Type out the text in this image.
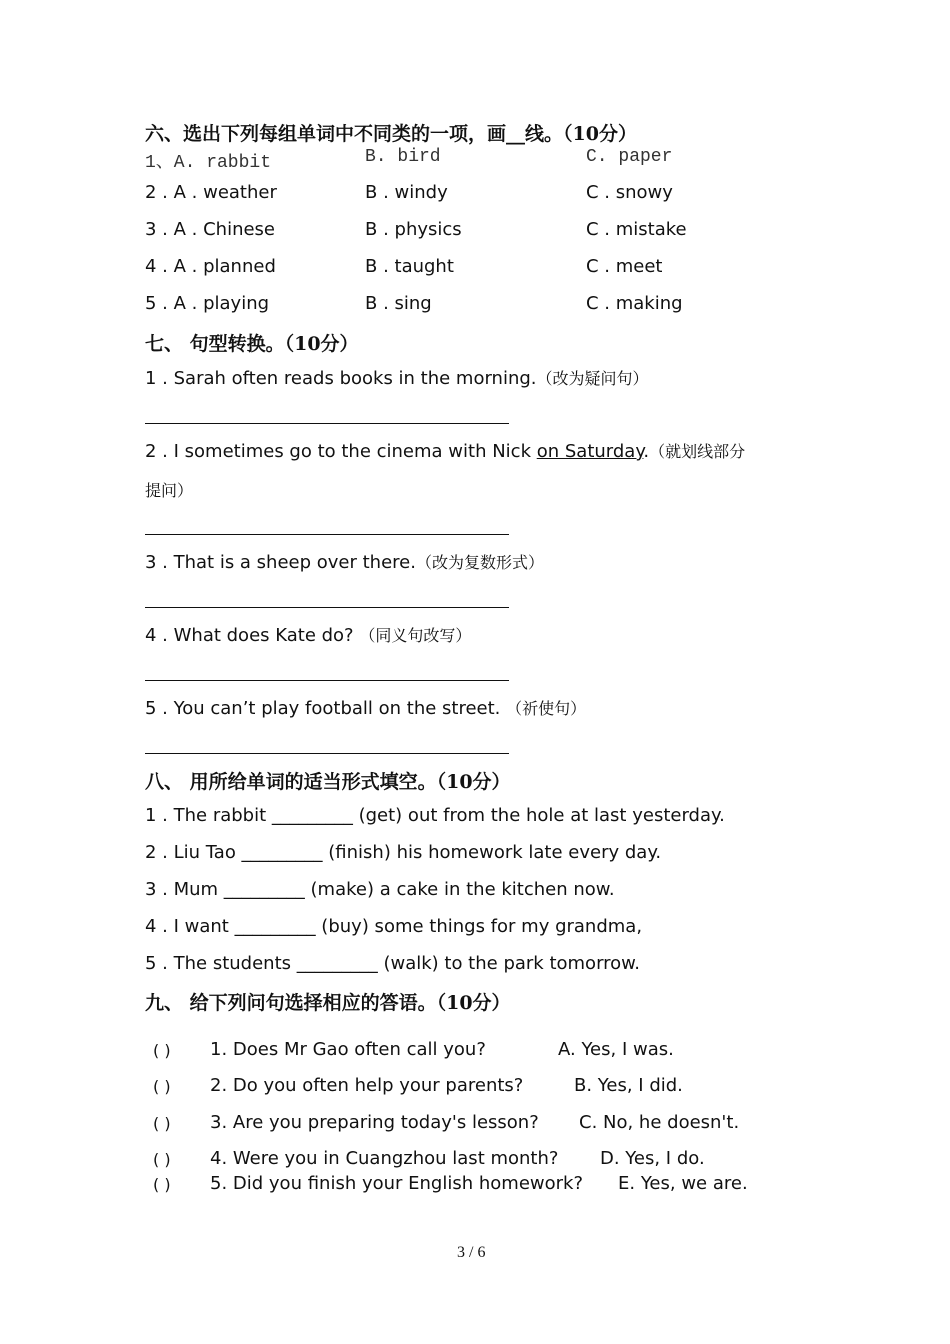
六、选出下列每组单词中不同类的一项，画__线。（10分）
1、A. rabbit	B. bird	C. paper
2 . A . weather	B . windy	C . snowy
3 . A . Chinese	B . physics	C . mistake
4 . A . planned	B . taught	C . meet
5 . A . playing	B . sing	C . making
七、 句型转换。（10分）
1 . Sarah often reads books in the morning.（改为疑问句）
2 . I sometimes go to the cinema with Nick on Saturday.（就划线部分
提问）
3 . That is a sheep over there.（改为复数形式）
4 . What does Kate do? （同义句改写）
5 . You can’t play football on the street. （祈使句）
八、 用所给单词的适当形式填空。（10分）
1 . The rabbit _________ (get) out from the hole at last yesterday.
2 . Liu Tao _________ (finish) his homework late every day.
3 . Mum _________ (make) a cake in the kitchen now.
4 . I want _________ (buy) some things for my grandma,
5 . The students _________ (walk) to the park tomorrow.
九、 给下列问句选择相应的答语。（10分）
( ) 1. Does Mr Gao often call you?	A. Yes, I was.
( ) 2. Do you often help your parents?	B. Yes, I did.
( ) 3. Are you preparing today's lesson? C. No, he doesn't.
( ) 4. Were you in Cuangzhou last month? D. Yes, I do.
( ) 5. Did you finish your English homework? E. Yes, we are.
3 / 6
